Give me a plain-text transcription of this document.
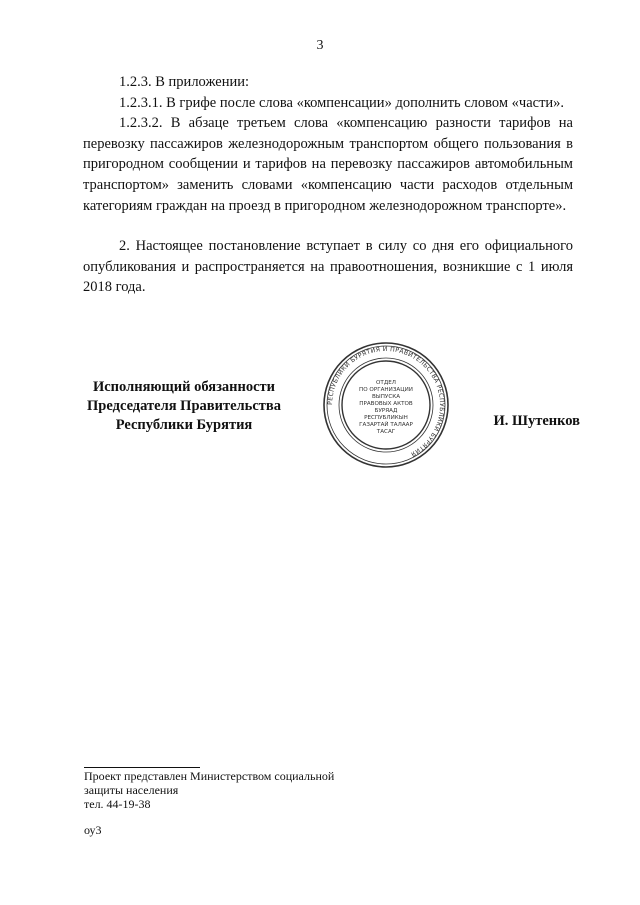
3

1.2.3. В приложении:

1.2.3.1. В грифе после слова «компенсации» дополнить словом «части».

1.2.3.2. В абзаце третьем слова «компенсацию разности тарифов на перевозку пассажиров железнодорожным транспортом общего пользования в пригородном сообщении и тарифов на перевозку пассажиров автомобильным транспортом» заменить словами «компенсацию части расходов отдельным категориям граждан на проезд в пригородном железнодорожном транспорте».

2. Настоящее постановление вступает в силу со дня его официального опубликования и распространяется на правоотношения, возникшие с 1 июля 2018 года.

Исполняющий обязанности
Председателя Правительства
Республики Бурятия
РЕСПУБЛИКИ БУРЯТИЯ И ПРАВИТЕЛЬСТВА РЕСПУБЛИКИ БУРЯТИЯ
ОТДЕЛ
ПО ОРГАНИЗАЦИИ
ВЫПУСКА
ПРАВОВЫХ АКТОВ
БУРЯАД
РЕСПУБЛИКЫН
ГАЗАРТАЙ ТАЛААР
ТАСАГ
И. Шутенков
Проект представлен Министерством социальной
защиты населения
тел. 44-19-38
оу3
